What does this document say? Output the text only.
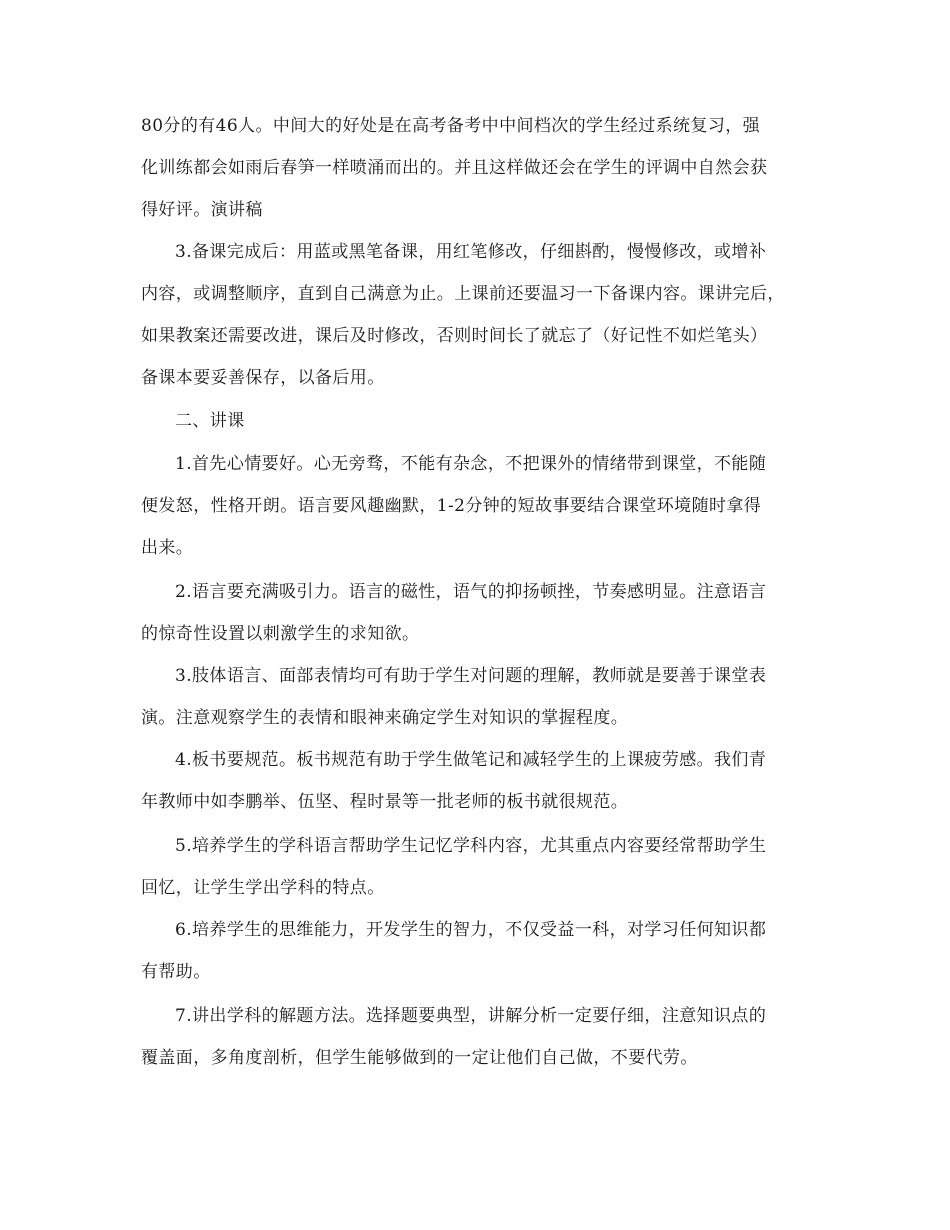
80分的有46人。中间大的好处是在高考备考中中间档次的学生经过系统复习，强
化训练都会如雨后春笋一样喷涌而出的。并且这样做还会在学生的评调中自然会获
得好评。演讲稿
3.备课完成后：用蓝或黑笔备课，用红笔修改，仔细斟酌，慢慢修改，或增补
内容，或调整顺序，直到自己满意为止。上课前还要温习一下备课内容。课讲完后，
如果教案还需要改进，课后及时修改，否则时间长了就忘了（好记性不如烂笔头）
备课本要妥善保存，以备后用。
二、讲课
1.首先心情要好。心无旁骛，不能有杂念，不把课外的情绪带到课堂，不能随
便发怒，性格开朗。语言要风趣幽默，1-2分钟的短故事要结合课堂环境随时拿得
出来。
2.语言要充满吸引力。语言的磁性，语气的抑扬顿挫，节奏感明显。注意语言
的惊奇性设置以刺激学生的求知欲。
3.肢体语言、面部表情均可有助于学生对问题的理解，教师就是要善于课堂表
演。注意观察学生的表情和眼神来确定学生对知识的掌握程度。
4.板书要规范。板书规范有助于学生做笔记和减轻学生的上课疲劳感。我们青
年教师中如李鹏举、伍坚、程时景等一批老师的板书就很规范。
5.培养学生的学科语言帮助学生记忆学科内容，尤其重点内容要经常帮助学生
回忆，让学生学出学科的特点。
6.培养学生的思维能力，开发学生的智力，不仅受益一科，对学习任何知识都
有帮助。
7.讲出学科的解题方法。选择题要典型，讲解分析一定要仔细，注意知识点的
覆盖面，多角度剖析，但学生能够做到的一定让他们自己做，不要代劳。
